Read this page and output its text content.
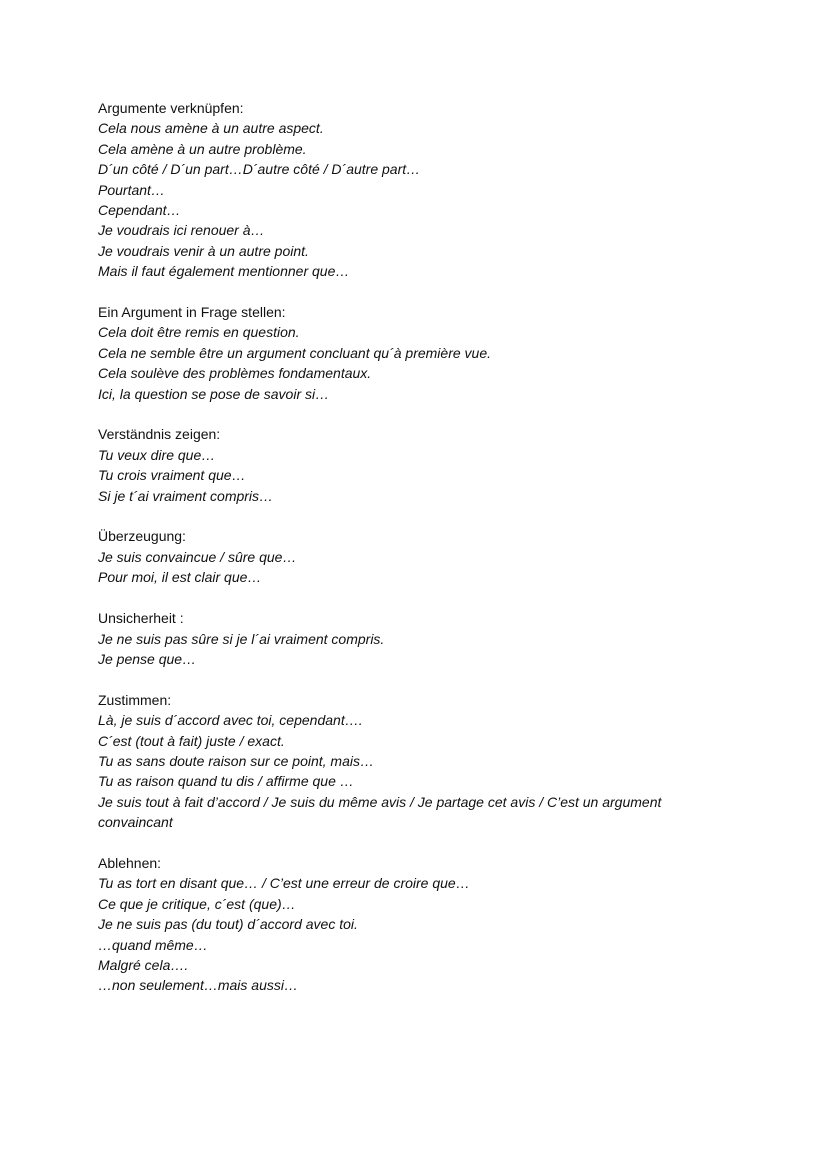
Argumente verknüpfen:
Cela nous amène à un autre aspect.
Cela amène à un autre problème.
D´un côté / D´un part…D´autre côté / D´autre part…
Pourtant…
Cependant…
Je voudrais ici renouer à…
Je voudrais venir à un autre point.
Mais il faut également mentionner que…
Ein Argument in Frage stellen:
Cela doit être remis en question.
Cela ne semble être un argument concluant qu´à première vue.
Cela soulève des problèmes fondamentaux.
Ici, la question se pose de savoir si…
Verständnis zeigen:
Tu veux dire que…
Tu crois vraiment que…
Si je t´ai vraiment compris…
Überzeugung:
Je suis convaincue / sûre que…
Pour moi, il est clair que…
Unsicherheit :
Je ne suis pas sûre si je l´ai vraiment compris.
Je pense que…
Zustimmen:
Là, je suis d´accord avec toi, cependant….
C´est (tout à fait) juste / exact.
Tu as sans doute raison sur ce point, mais…
Tu as raison quand tu dis / affirme que …
Je suis tout à fait d’accord / Je suis du même avis / Je partage cet avis / C’est un argument convaincant
Ablehnen:
Tu as tort en disant que… / C’est une erreur de croire que…
Ce que je critique, c´est (que)…
Je ne suis pas (du tout) d´accord avec toi.
…quand même…
Malgré cela….
…non seulement…mais aussi…
